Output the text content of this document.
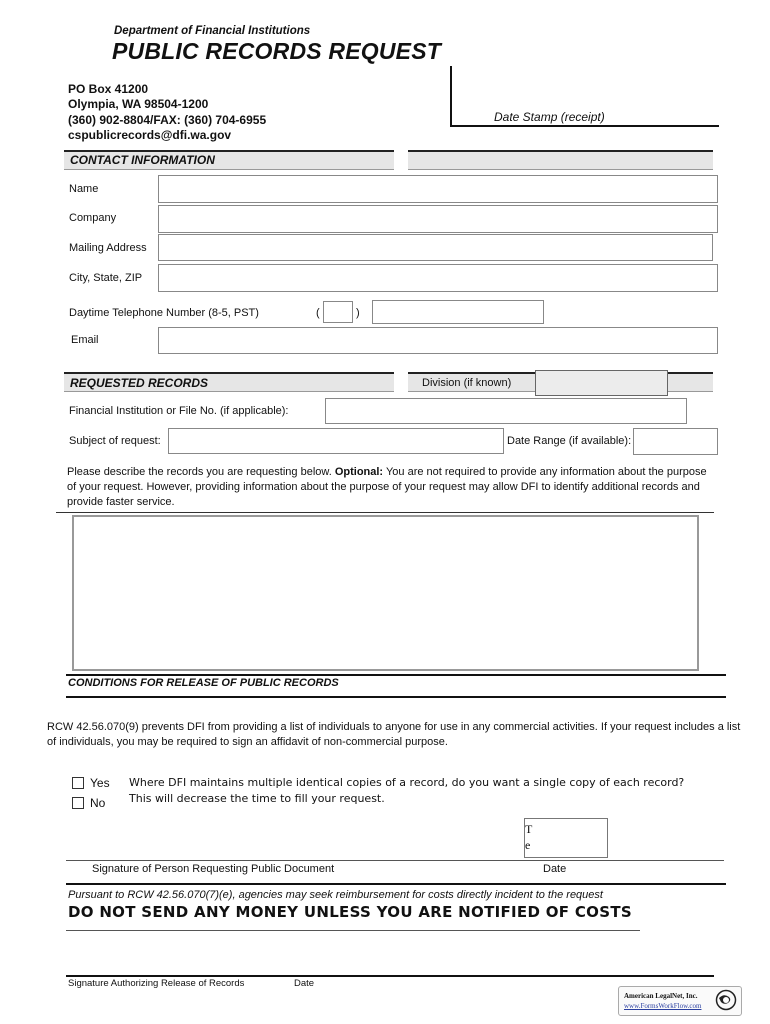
Department of Financial Institutions
PUBLIC RECORDS REQUEST
PO Box 41200
Olympia, WA 98504-1200
(360) 902-8804/FAX: (360) 704-6955
cspublicrecords@dfi.wa.gov
Date Stamp (receipt)
CONTACT INFORMATION
Name
Company
Mailing Address
City, State, ZIP
Daytime Telephone Number (8-5, PST)	(	)
Email
REQUESTED RECORDS	Division (if known)
Financial Institution or File No. (if applicable):
Subject of request:	Date Range (if available):
Please describe the records you are requesting below. Optional: You are not required to provide any information about the purpose of your request. However, providing information about the purpose of your request may allow DFI to identify additional records and provide faster service.
CONDITIONS FOR RELEASE OF PUBLIC RECORDS
RCW 42.56.070(9) prevents DFI from providing a list of individuals to anyone for use in any commercial activities. If your request includes a list of individuals, you may be required to sign an affidavit of non-commercial purpose.
Yes
No
Where DFI maintains multiple identical copies of a record, do you want a single copy of each record? This will decrease the time to fill your request.
T
e
Signature of Person Requesting Public Document	Date
Pursuant to RCW 42.56.070(7)(e), agencies may seek reimbursement for costs directly incident to the request
DO NOT SEND ANY MONEY UNLESS YOU ARE NOTIFIED OF COSTS
Signature Authorizing Release of Records	Date
American LegalNet, Inc.
www.FormsWorkFlow.com
